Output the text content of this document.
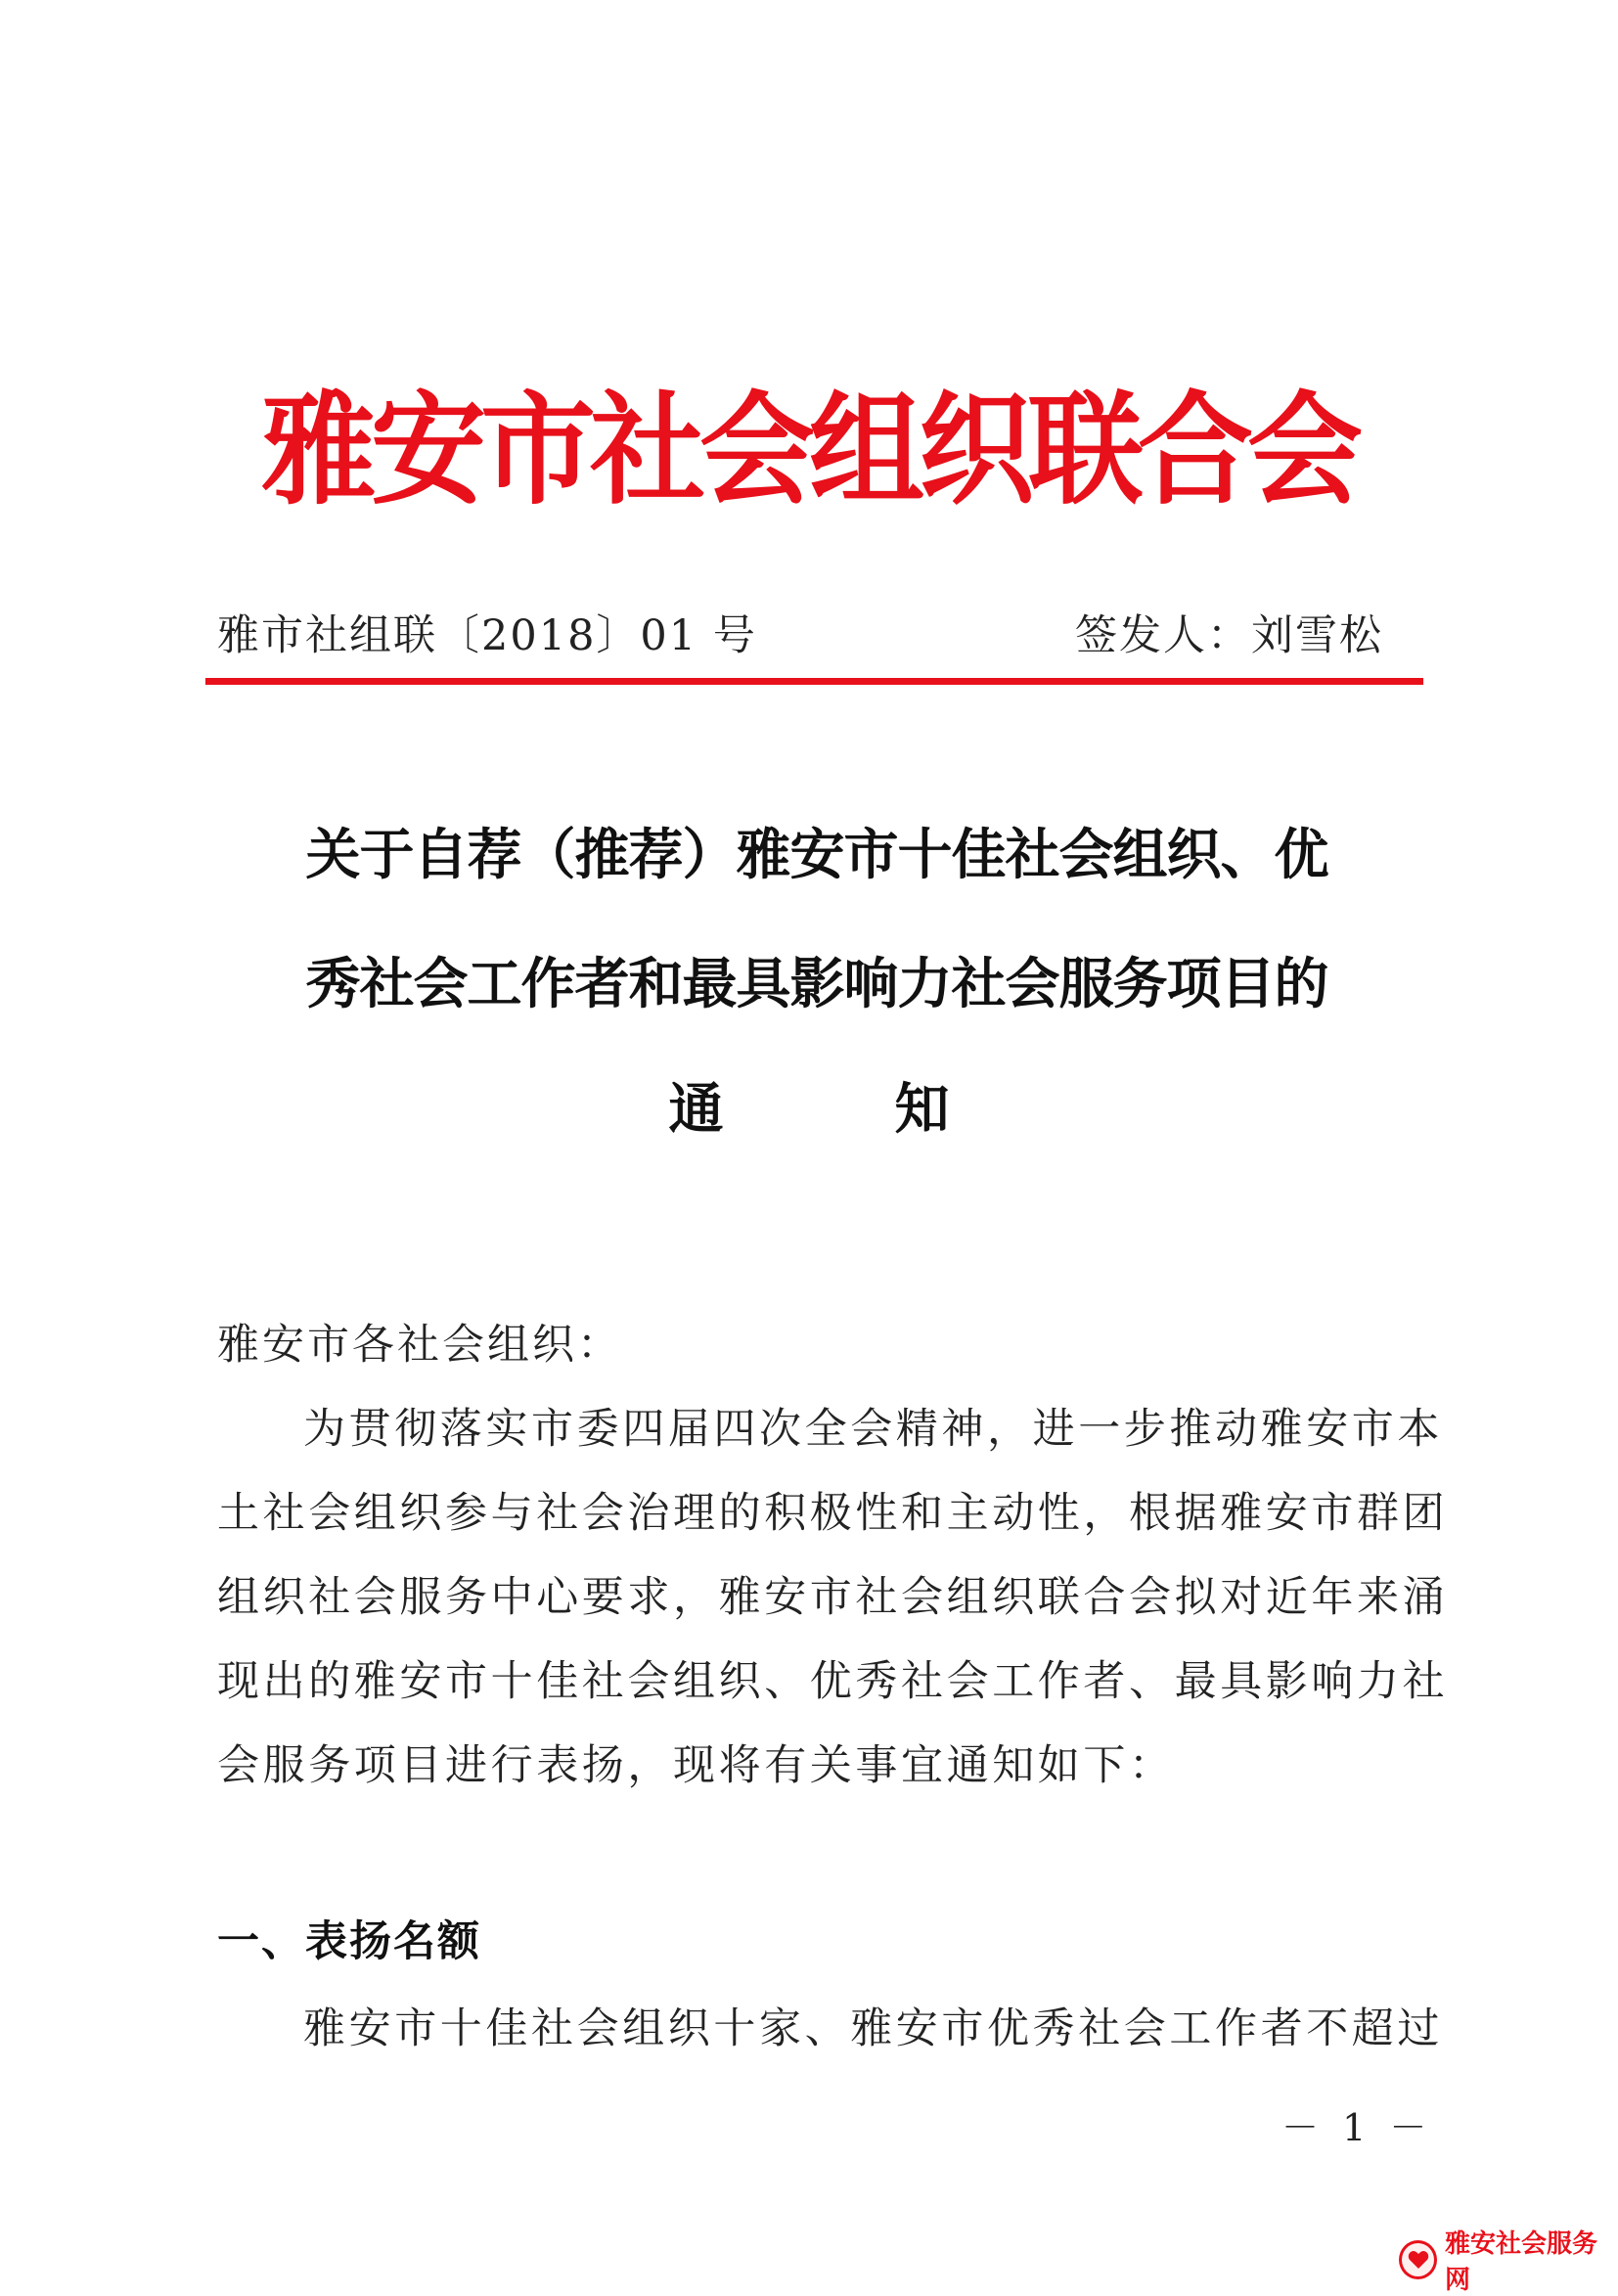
雅安市社会组织联合会
雅市社组联〔2018〕01 号	签发人：刘雪松
关于自荐（推荐）雅安市十佳社会组织、优
秀社会工作者和最具影响力社会服务项目的
通	知
雅安市各社会组织：
为贯彻落实市委四届四次全会精神，进一步推动雅安市本
土社会组织参与社会治理的积极性和主动性，根据雅安市群团
组织社会服务中心要求，雅安市社会组织联合会拟对近年来涌
现出的雅安市十佳社会组织、优秀社会工作者、最具影响力社
会服务项目进行表扬，现将有关事宜通知如下：
一、表扬名额
雅安市十佳社会组织十家、雅安市优秀社会工作者不超过
－ 1 －
雅安社会服务网
